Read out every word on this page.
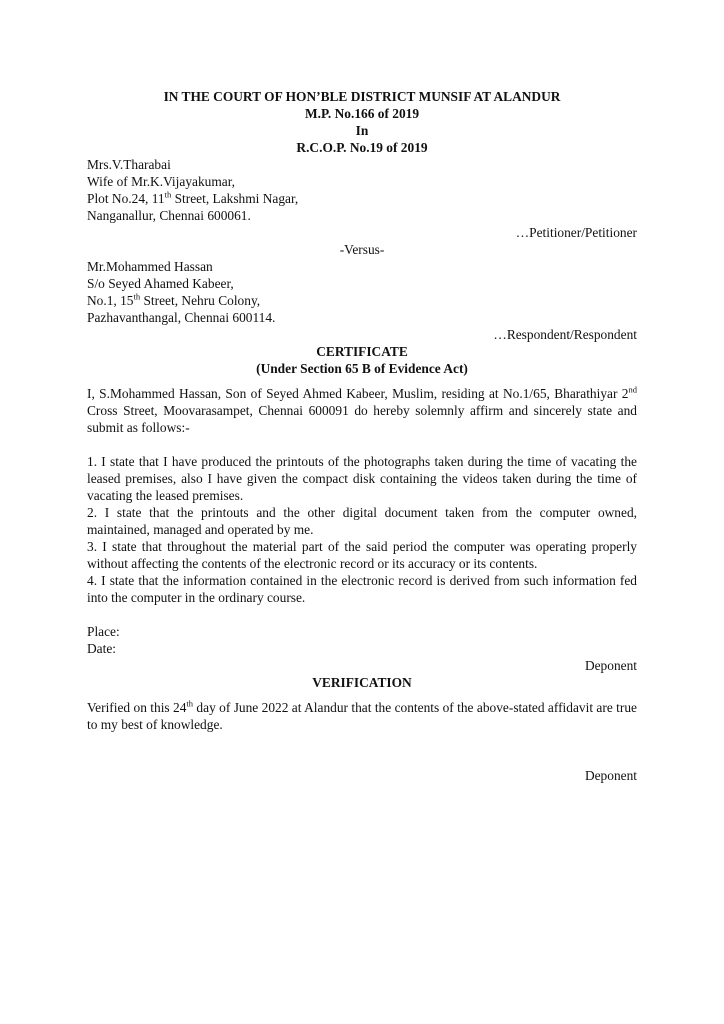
IN THE COURT OF HON’BLE DISTRICT MUNSIF AT ALANDUR

M.P. No.166 of 2019

In

R.C.O.P. No.19 of 2019

Mrs.V.Tharabai

Wife of Mr.K.Vijayakumar,

Plot No.24, 11th Street, Lakshmi Nagar,

Nanganallur, Chennai 600061.

…Petitioner/Petitioner

-Versus-

Mr.Mohammed Hassan

S/o Seyed Ahamed Kabeer,

No.1, 15th Street, Nehru Colony,

Pazhavanthangal, Chennai 600114.

…Respondent/Respondent

CERTIFICATE

(Under Section 65 B of Evidence Act)

I, S.Mohammed Hassan, Son of Seyed Ahmed Kabeer, Muslim, residing at No.1/65, Bharathiyar 2nd Cross Street, Moovarasampet, Chennai 600091 do hereby solemnly affirm and sincerely state and submit as follows:-

1. I state that I have produced the printouts of the photographs taken during the time of vacating the leased premises, also I have given the compact disk containing the videos taken during the time of vacating the leased premises.

2. I state that the printouts and the other digital document taken from the computer owned, maintained, managed and operated by me.

3. I state that throughout the material part of the said period the computer was operating properly without affecting the contents of the electronic record or its accuracy or its contents.

4. I state that the information contained in the electronic record is derived from such information fed into the computer in the ordinary course.

Place:

Date:

Deponent

VERIFICATION

Verified on this 24th day of June 2022 at Alandur that the contents of the above-stated affidavit are true to my best of knowledge.

Deponent
